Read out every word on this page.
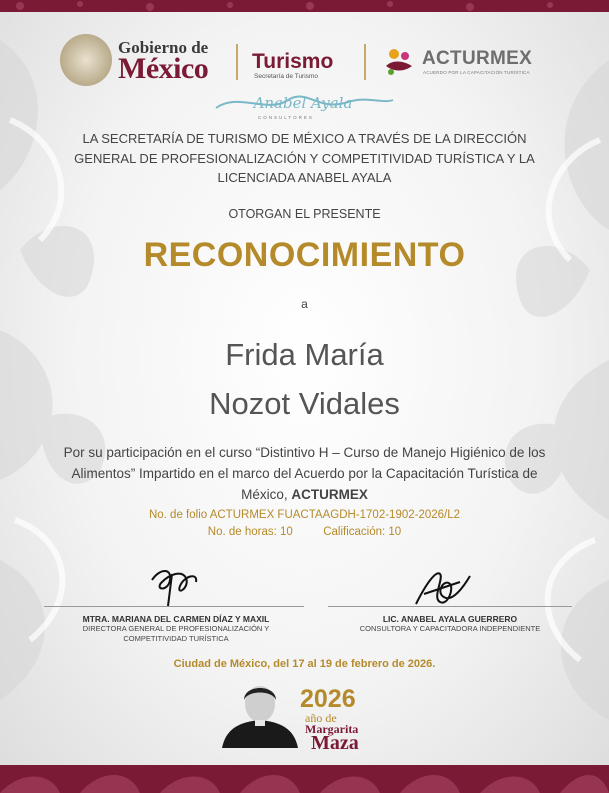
Gobierno de
México Turismo
Secretaría de Turismo
ACTURMEX
ACUERDO POR LA CAPACITACIÓN TURÍSTICA
Anabel Ayala
CONSULTORES
LA SECRETARÍA DE TURISMO DE MÉXICO A TRAVÉS DE LA DIRECCIÓN GENERAL DE PROFESIONALIZACIÓN Y COMPETITIVIDAD TURÍSTICA Y LA LICENCIADA ANABEL AYALA
OTORGAN EL PRESENTE
RECONOCIMIENTO
a
Frida María
Nozot Vidales
Por su participación en el curso “Distintivo H – Curso de Manejo Higiénico de los Alimentos” Impartido en el marco del Acuerdo por la Capacitación Turística de México, ACTURMEX
No. de folio ACTURMEX FUACTAAGDH-1702-1902-2026/L2
No. de horas: 10	Calificación: 10
MTRA. MARIANA DEL CARMEN DÍAZ Y MAXIL
DIRECTORA GENERAL DE PROFESIONALIZACIÓN Y
COMPETITIVIDAD TURÍSTICA
LIC. ANABEL AYALA GUERRERO
CONSULTORA Y CAPACITADORA INDEPENDIENTE
Ciudad de México, del 17 al 19 de febrero de 2026.
2026
año de
Margarita
Maza
